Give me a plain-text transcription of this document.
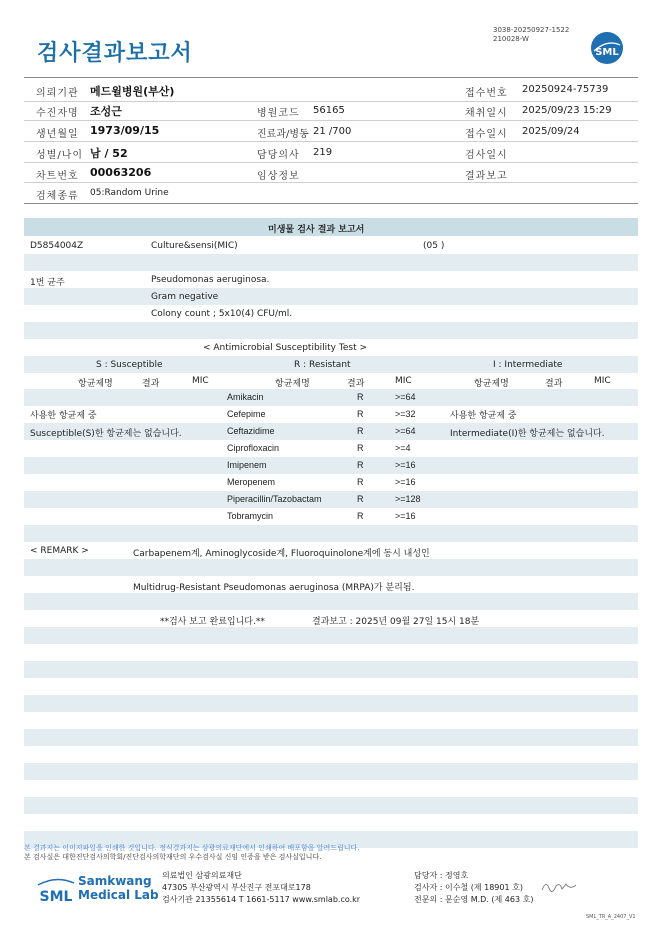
검사결과보고서
3038-20250927-1522
210028-W
SML
의뢰기관 메드윌병원(부산)	접수번호 20250924-75739
수진자명 조성근	병원코드 56165	채취일시 2025/09/23 15:29
생년월일 1973/09/15	진료과/병동 21 /700	접수일시 2025/09/24
성별/나이 남 / 52	담당의사 219	검사일시
차트번호 00063206	임상정보	결과보고
검체종류 05:Random Urine
미생물 검사 결과 보고서
D5854004Z	Culture&sensi(MIC)	(05 )
1번 균주	Pseudomonas aeruginosa.
Gram negative
Colony count ; 5x10(4) CFU/ml.
< Antimicrobial Susceptibility Test >
S : Susceptible	R : Resistant	I : Intermediate
항균제명	결과	MIC	항균제명	결과	MIC	항균제명	결과	MIC
사용한 항균제 중
Susceptible(S)한 항균제는 없습니다.
사용한 항균제 중
Intermediate(I)한 항균제는 없습니다.
Amikacin	R	>=64
Cefepime	R	>=32
Ceftazidime	R	>=64
Ciprofloxacin	R	>=4
Imipenem	R	>=16
Meropenem	R	>=16
Piperacillin/Tazobactam	R	>=128
Tobramycin	R	>=16
< REMARK >	Carbapenem계, Aminoglycoside계, Fluoroquinolone계에 동시 내성인
Multidrug-Resistant Pseudomonas aeruginosa (MRPA)가 분리됨.
**검사 보고 완료입니다.**	결과보고 : 2025년 09월 27일 15시 18분
본 결과지는 이미지파일을 인쇄한 것입니다. 정식결과지는 삼광의료재단에서 인쇄하여 배포함을 알려드립니다.
본 검사실은 대한진단검사의학회/진단검사의학재단의 우수검사실 신임 인증을 받은 검사실입니다.
SML
Samkwang
Medical Lab
의료법인 삼광의료재단
47305 부산광역시 부산진구 전포대로178
검사기관 21355614 T 1661-5117 www.smlab.co.kr
담당자 : 정영호
검사자 : 이수철 (제 18901 호)
전문의 : 문순영 M.D. (제 463 호)
SML_TR_A_2407_V1
